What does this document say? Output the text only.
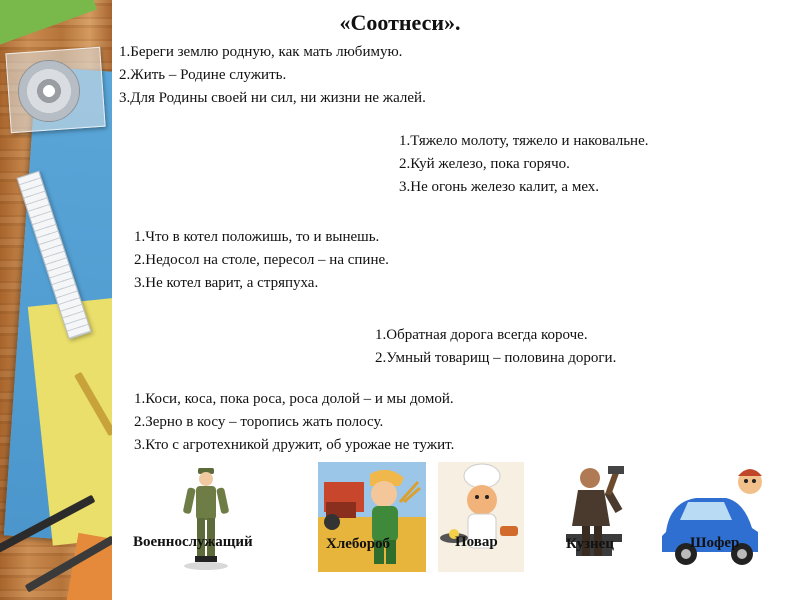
«Соотнеси».
1.Береги землю родную, как мать любимую.
2.Жить – Родине служить.
3.Для Родины своей ни сил, ни жизни не жалей.
1.Тяжело молоту, тяжело и наковальне.
2.Куй железо, пока горячо.
3.Не огонь железо калит, а мех.
1.Что в котел положишь, то и вынешь.
2.Недосол на столе, пересол – на спине.
3.Не котел варит, а стряпуха.
1.Обратная дорога всегда короче.
2.Умный товарищ – половина дороги.
1.Коси, коса, пока роса, роса долой – и мы домой.
2.Зерно в косу – торопись жать полосу.
3.Кто с агротехникой дружит, об урожае не тужит.
Военнослужащий	Хлебороб	Повар	Кузнец	Шофер
